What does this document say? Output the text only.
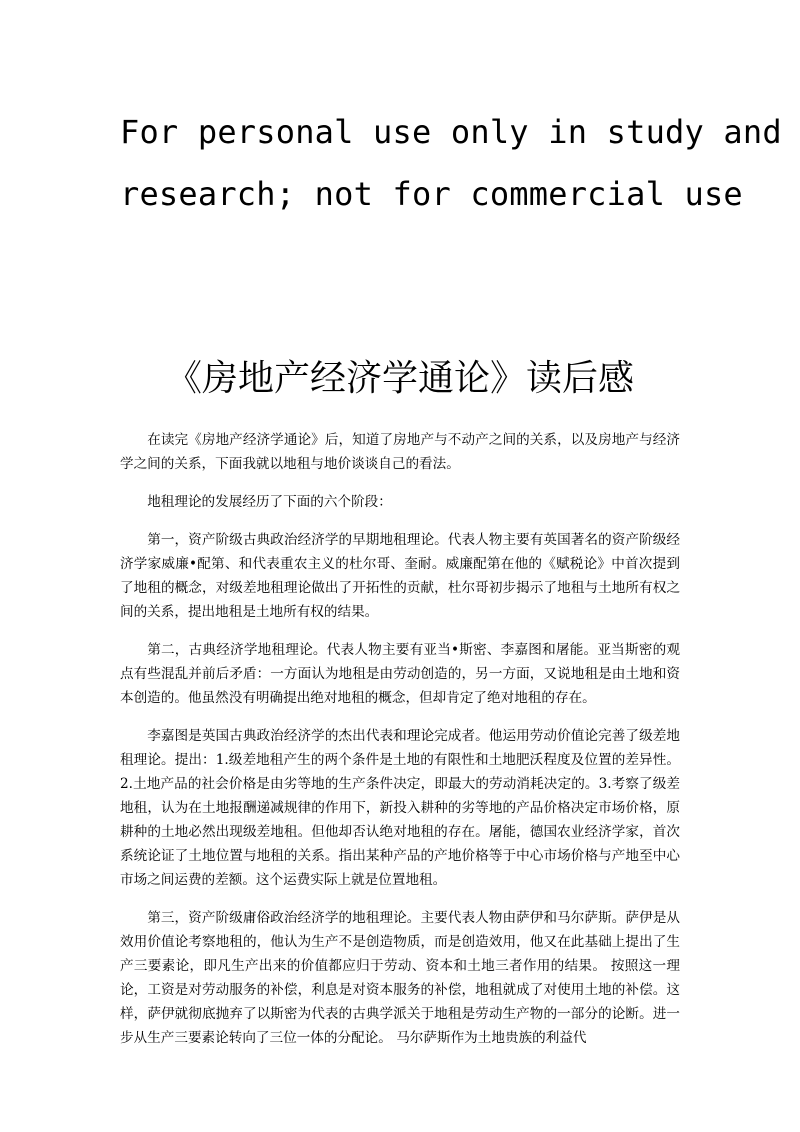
For personal use only in study and
research; not for commercial use
《房地产经济学通论》读后感

在读完《房地产经济学通论》后，知道了房地产与不动产之间的关系，以及房地产与经济学之间的关系，下面我就以地租与地价谈谈自己的看法。

地租理论的发展经历了下面的六个阶段：

第一，资产阶级古典政治经济学的早期地租理论。代表人物主要有英国著名的资产阶级经济学家威廉•配第、和代表重农主义的杜尔哥、奎耐。威廉配第在他的《赋税论》中首次提到了地租的概念，对级差地租理论做出了开拓性的贡献，杜尔哥初步揭示了地租与土地所有权之间的关系，提出地租是土地所有权的结果。

第二，古典经济学地租理论。代表人物主要有亚当•斯密、李嘉图和屠能。亚当斯密的观点有些混乱并前后矛盾：一方面认为地租是由劳动创造的，另一方面，又说地租是由土地和资本创造的。他虽然没有明确提出绝对地租的概念，但却肯定了绝对地租的存在。

李嘉图是英国古典政治经济学的杰出代表和理论完成者。他运用劳动价值论完善了级差地租理论。提出：1.级差地租产生的两个条件是土地的有限性和土地肥沃程度及位置的差异性。2.土地产品的社会价格是由劣等地的生产条件决定，即最大的劳动消耗决定的。3.考察了级差地租，认为在土地报酬递减规律的作用下，新投入耕种的劣等地的产品价格决定市场价格，原耕种的土地必然出现级差地租。但他却否认绝对地租的存在。屠能，德国农业经济学家，首次系统论证了土地位置与地租的关系。指出某种产品的产地价格等于中心市场价格与产地至中心市场之间运费的差额。这个运费实际上就是位置地租。

第三，资产阶级庸俗政治经济学的地租理论。主要代表人物由萨伊和马尔萨斯。萨伊是从效用价值论考察地租的，他认为生产不是创造物质，而是创造效用，他又在此基础上提出了生产三要素论，即凡生产出来的价值都应归于劳动、资本和土地三者作用的结果。 按照这一理论，工资是对劳动服务的补偿，利息是对资本服务的补偿，地租就成了对使用土地的补偿。这样，萨伊就彻底抛弃了以斯密为代表的古典学派关于地租是劳动生产物的一部分的论断。进一步从生产三要素论转向了三位一体的分配论。 马尔萨斯作为土地贵族的利益代
